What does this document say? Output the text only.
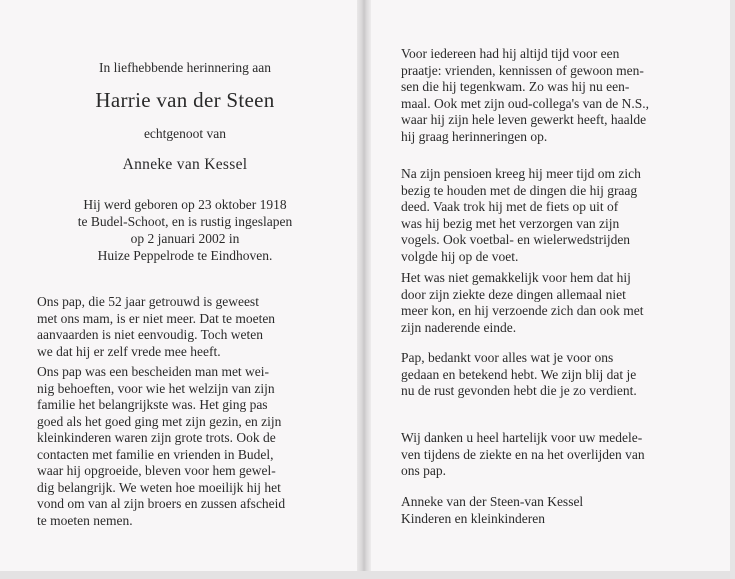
In liefhebbende herinnering aan
Harrie van der Steen
echtgenoot van
Anneke van Kessel
Hij werd geboren op 23 oktober 1918
te Budel-Schoot, en is rustig ingeslapen
op 2 januari 2002 in
Huize Peppelrode te Eindhoven.
Ons pap, die 52 jaar getrouwd is geweest
met ons mam, is er niet meer. Dat te moeten
aanvaarden is niet eenvoudig. Toch weten
we dat hij er zelf vrede mee heeft.
Ons pap was een bescheiden man met wei-
nig behoeften, voor wie het welzijn van zijn
familie het belangrijkste was. Het ging pas
goed als het goed ging met zijn gezin, en zijn
kleinkinderen waren zijn grote trots. Ook de
contacten met familie en vrienden in Budel,
waar hij opgroeide, bleven voor hem gewel-
dig belangrijk. We weten hoe moeilijk hij het
vond om van al zijn broers en zussen afscheid
te moeten nemen.
Voor iedereen had hij altijd tijd voor een
praatje: vrienden, kennissen of gewoon men-
sen die hij tegenkwam. Zo was hij nu een-
maal. Ook met zijn oud-collega's van de N.S.,
waar hij zijn hele leven gewerkt heeft, haalde
hij graag herinneringen op.
Na zijn pensioen kreeg hij meer tijd om zich
bezig te houden met de dingen die hij graag
deed. Vaak trok hij met de fiets op uit of
was hij bezig met het verzorgen van zijn
vogels. Ook voetbal- en wielerwedstrijden
volgde hij op de voet.
Het was niet gemakkelijk voor hem dat hij
door zijn ziekte deze dingen allemaal niet
meer kon, en hij verzoende zich dan ook met
zijn naderende einde.
Pap, bedankt voor alles wat je voor ons
gedaan en betekend hebt. We zijn blij dat je
nu de rust gevonden hebt die je zo verdient.
Wij danken u heel hartelijk voor uw medele-
ven tijdens de ziekte en na het overlijden van
ons pap.
Anneke van der Steen-van Kessel
Kinderen en kleinkinderen
